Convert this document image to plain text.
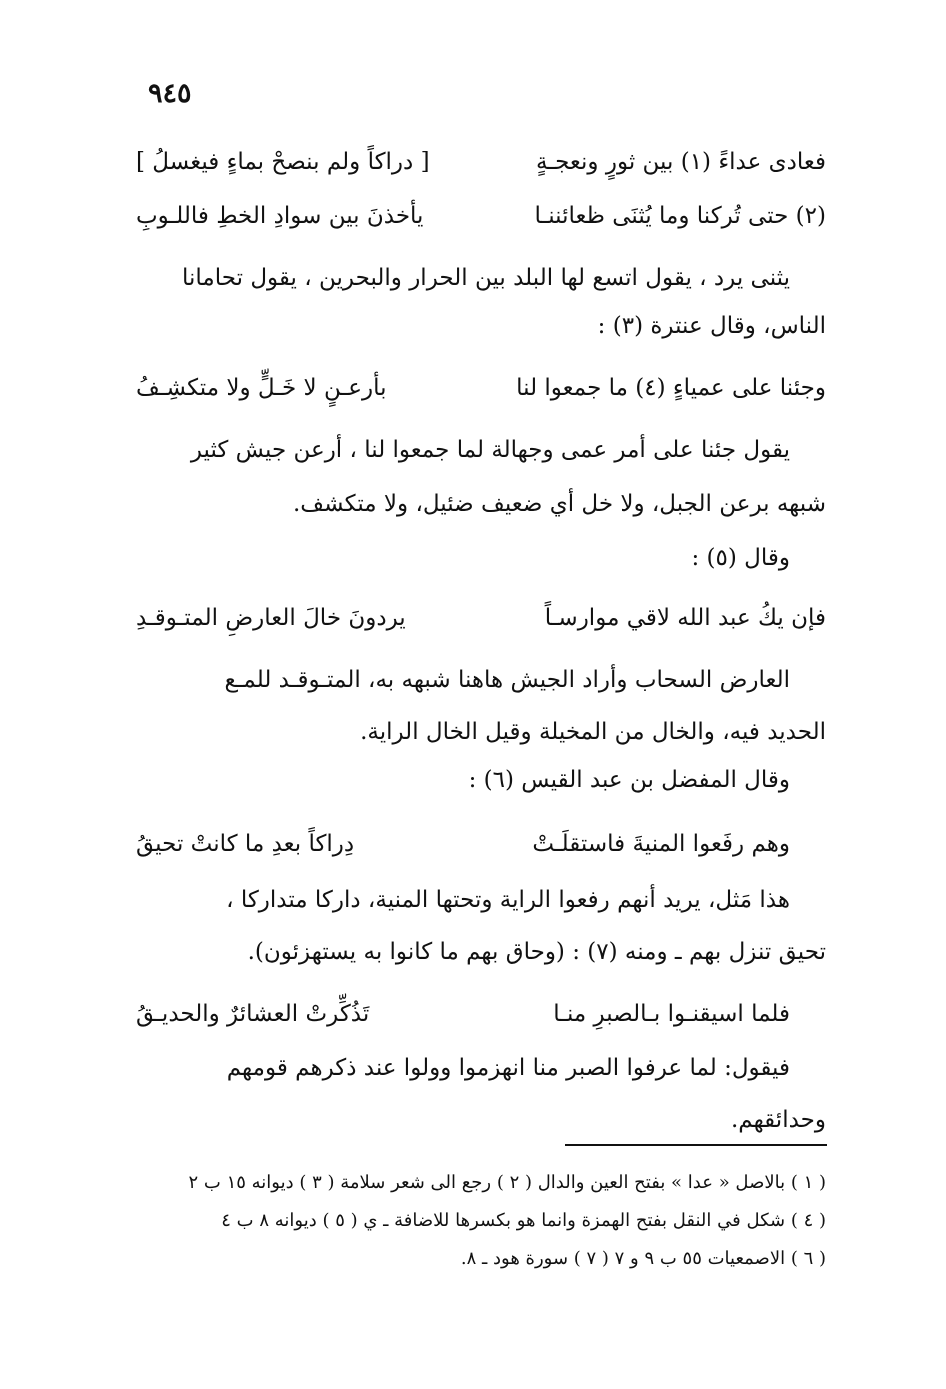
٩٤٥
فعادى عداءً (١) بين ثورٍ ونعجـةٍ
[ دراكاً ولم بنصحْ بماءٍ فيغسلُ ]
(٢) حتى تُركنا وما يُثنَى ظعائننـا
يأخذنَ بين سوادِ الخطِ فاللـوبِ
يثنى يرد ، يقول اتسع لها البلد بين الحرار والبحرين ، يقول تحامانا
الناس، وقال عنترة (٣) :
وجئنا على عمياءٍ (٤) ما جمعوا لنا
بأرعـنٍ لا خَـلٍّ ولا متكشِـفُ
يقول جئنا على أمر عمى وجهالة لما جمعوا لنا ، أرعن جيش كثير
شبهه برعن الجبل، ولا خل أي ضعيف ضئيل، ولا متكشف.
وقال (٥) :
فإن يكُ عبد الله لاقي موارسـاً
يردونَ خالَ العارضِ المتـوقـدِ
العارض السحاب وأراد الجيش هاهنا شبهه به، المتـوقـد للمـع
الحديد فيه، والخال من المخيلة وقيل الخال الراية.
وقال المفضل بن عبد القيس (٦) :
وهم رفَعوا المنيةَ فاستقلَـتْ
دِراكاً بعدِ ما كانتْ تحيقُ
هذا مَثل، يريد أنهم رفعوا الراية وتحتها المنية، داركا متداركا ،
تحيق تنزل بهم ـ ومنه (٧) : (وحاق بهم ما كانوا به يستهزئون).
فلما اسيقنـوا بـالصبرِ منـا
تَذُكِّرتْ العشائرٌ والحديـقُ
فيقول: لما عرفوا الصبر منا انهزموا وولوا عند ذكرهم قومهم
وحدائقهم.
( ١ ) بالاصل « عدا » بفتح العين والدال ( ٢ ) رجع الى شعر سلامة ( ٣ ) ديوانه ١٥ ب ٢
( ٤ ) شكل في النقل بفتح الهمزة وانما هو بكسرها للاضافة ـ ي ( ٥ ) ديوانه ٨ ب ٤
( ٦ ) الاصمعيات ٥٥ ب ٩ و ٧ ( ٧ ) سورة هود ـ ٨.
